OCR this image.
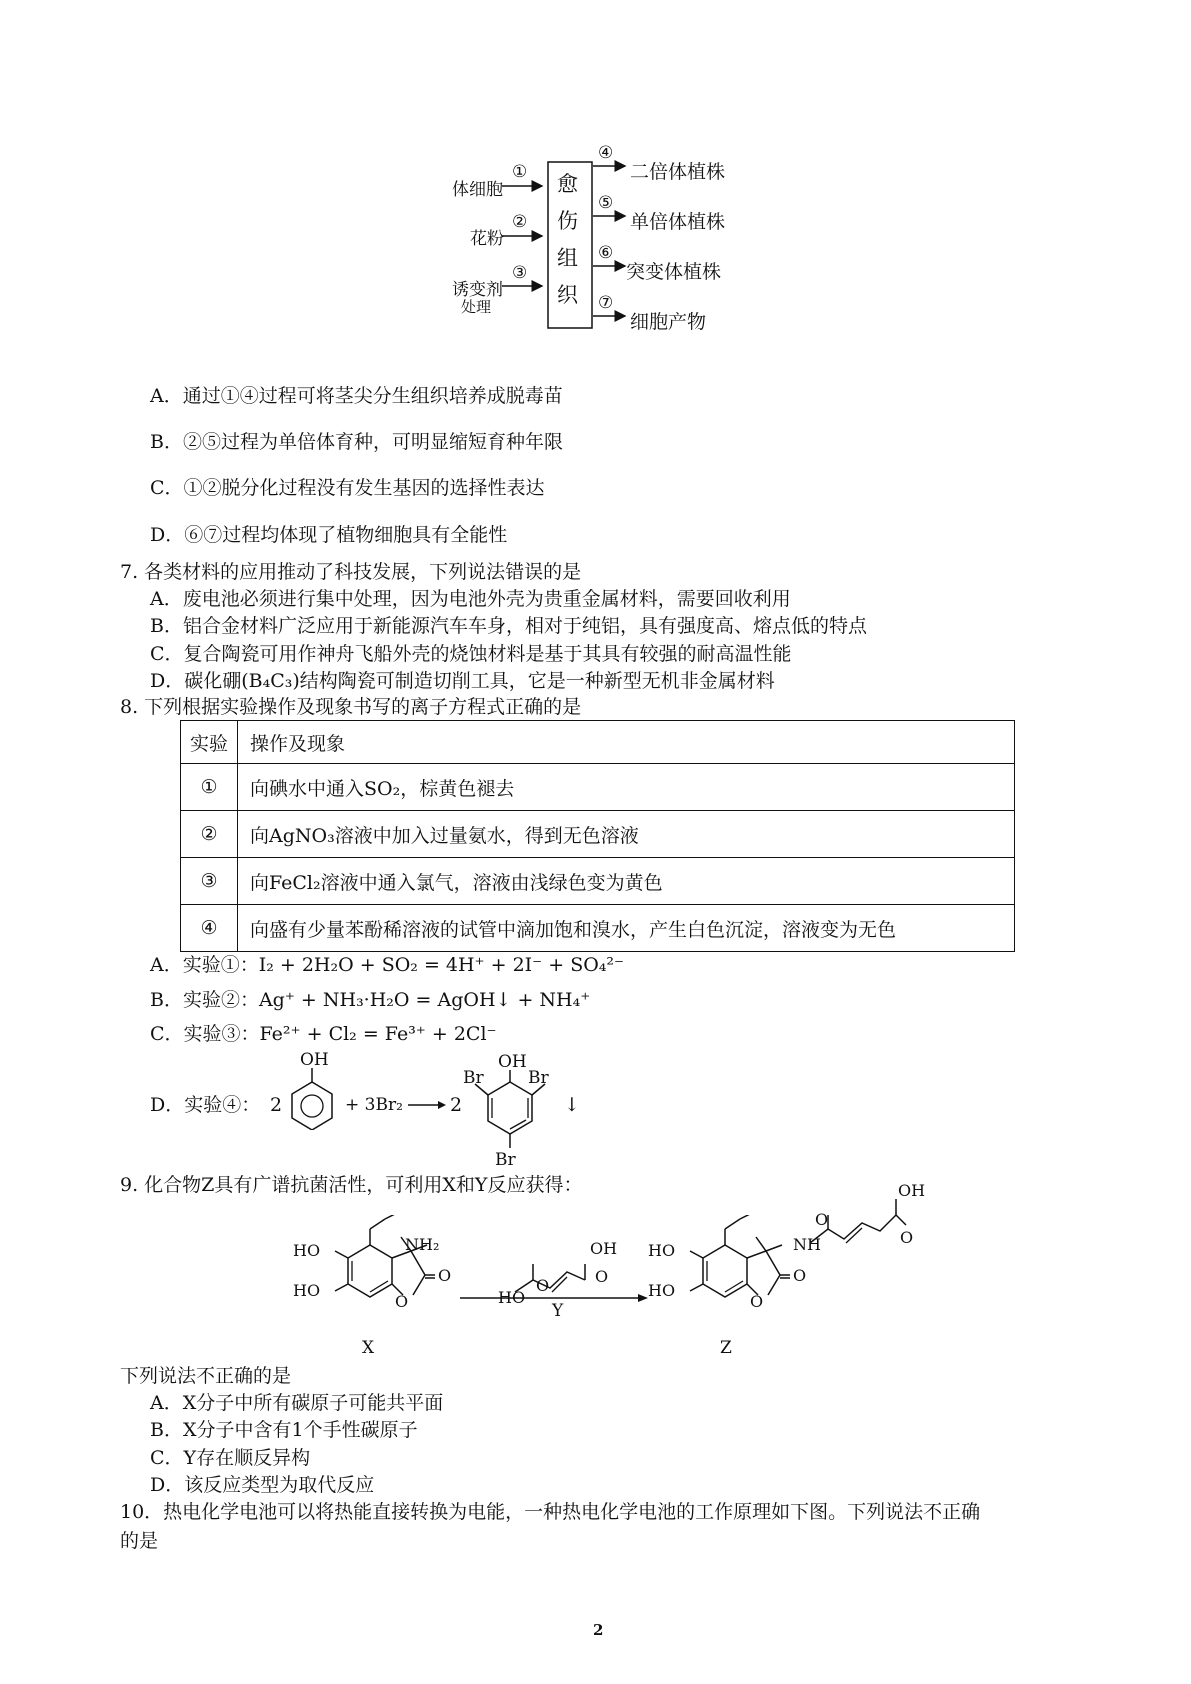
体细胞
花粉
诱变剂
处理
①
②
③
愈
伤
组
织
④
⑤
⑥
⑦
二倍体植株
单倍体植株
突变体植株
细胞产物
A．通过①④过程可将茎尖分生组织培养成脱毒苗
B．②⑤过程为单倍体育种，可明显缩短育种年限
C．①②脱分化过程没有发生基因的选择性表达
D．⑥⑦过程均体现了植物细胞具有全能性
7. 各类材料的应用推动了科技发展，下列说法错误的是
A．废电池必须进行集中处理，因为电池外壳为贵重金属材料，需要回收利用
B．铝合金材料广泛应用于新能源汽车车身，相对于纯铝，具有强度高、熔点低的特点
C．复合陶瓷可用作神舟飞船外壳的烧蚀材料是基于其具有较强的耐高温性能
D．碳化硼(B₄C₃)结构陶瓷可制造切削工具，它是一种新型无机非金属材料
8. 下列根据实验操作及现象书写的离子方程式正确的是
实验	操作及现象
①	向碘水中通入SO₂，棕黄色褪去
②	向AgNO₃溶液中加入过量氨水，得到无色溶液
③	向FeCl₂溶液中通入氯气，溶液由浅绿色变为黄色
④	向盛有少量苯酚稀溶液的试管中滴加饱和溴水，产生白色沉淀，溶液变为无色
A．实验①：I₂ + 2H₂O + SO₂ = 4H⁺ + 2I⁻ + SO₄²⁻
B．实验②：Ag⁺ + NH₃·H₂O = AgOH↓ + NH₄⁺
C．实验③：Fe²⁺ + Cl₂ = Fe³⁺ + 2Cl⁻
D．实验④： 2
OH
+ 3Br₂ → 2
OH
Br	Br
Br
↓
9. 化合物Z具有广谱抗菌活性，可利用X和Y反应获得：
HO
HO
NH₂
O
O
X
OH
O
HO
O
Y
HO
HO
NH
O
OH
O
O
O
Z
下列说法不正确的是
A．X分子中所有碳原子可能共平面
B．X分子中含有1个手性碳原子
C．Y存在顺反异构
D．该反应类型为取代反应
10．热电化学电池可以将热能直接转换为电能，一种热电化学电池的工作原理如下图。下列说法不正确
的是
2
